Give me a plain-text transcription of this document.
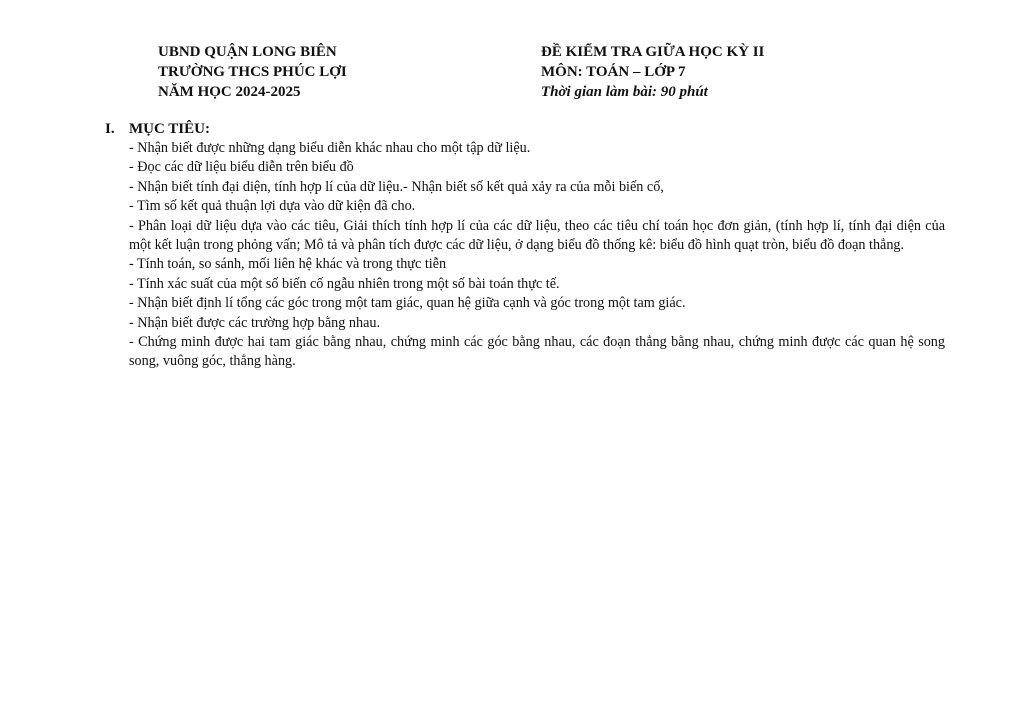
UBND QUẬN LONG BIÊN
TRƯỜNG THCS PHÚC LỢI
NĂM HỌC 2024-2025
ĐỀ KIỂM TRA GIỮA HỌC KỲ II
MÔN: TOÁN – LỚP 7
Thời gian làm bài: 90 phút
I. MỤC TIÊU:
- Nhận biết được những dạng biểu diễn khác nhau cho một tập dữ liệu.
- Đọc các dữ liệu biểu diễn trên biểu đồ
- Nhận biết tính đại diện, tính hợp lí của dữ liệu.- Nhận biết số kết quả xảy ra của mỗi biến cố,
- Tìm số kết quả thuận lợi dựa vào dữ kiện đã cho.
- Phân loại dữ liệu dựa vào các tiêu, Giải thích tính hợp lí của các dữ liệu, theo các tiêu chí toán học đơn giản, (tính hợp lí, tính đại diện của một kết luận trong phỏng vấn; Mô tả và phân tích được các dữ liệu, ở dạng biểu đồ thống kê: biểu đồ hình quạt tròn, biểu đồ đoạn thẳng.
- Tính toán, so sánh, mối liên hệ khác và trong thực tiễn
- Tính xác suất của một số biến cố ngẫu nhiên trong một số bài toán thực tế.
- Nhận biết định lí tổng các góc trong một tam giác, quan hệ giữa cạnh và góc trong một tam giác.
- Nhận biết được các trường hợp bằng nhau.
- Chứng minh được hai tam giác bằng nhau, chứng minh các góc bằng nhau, các đoạn thẳng bằng nhau, chứng minh được các quan hệ song song, vuông góc, thẳng hàng.
